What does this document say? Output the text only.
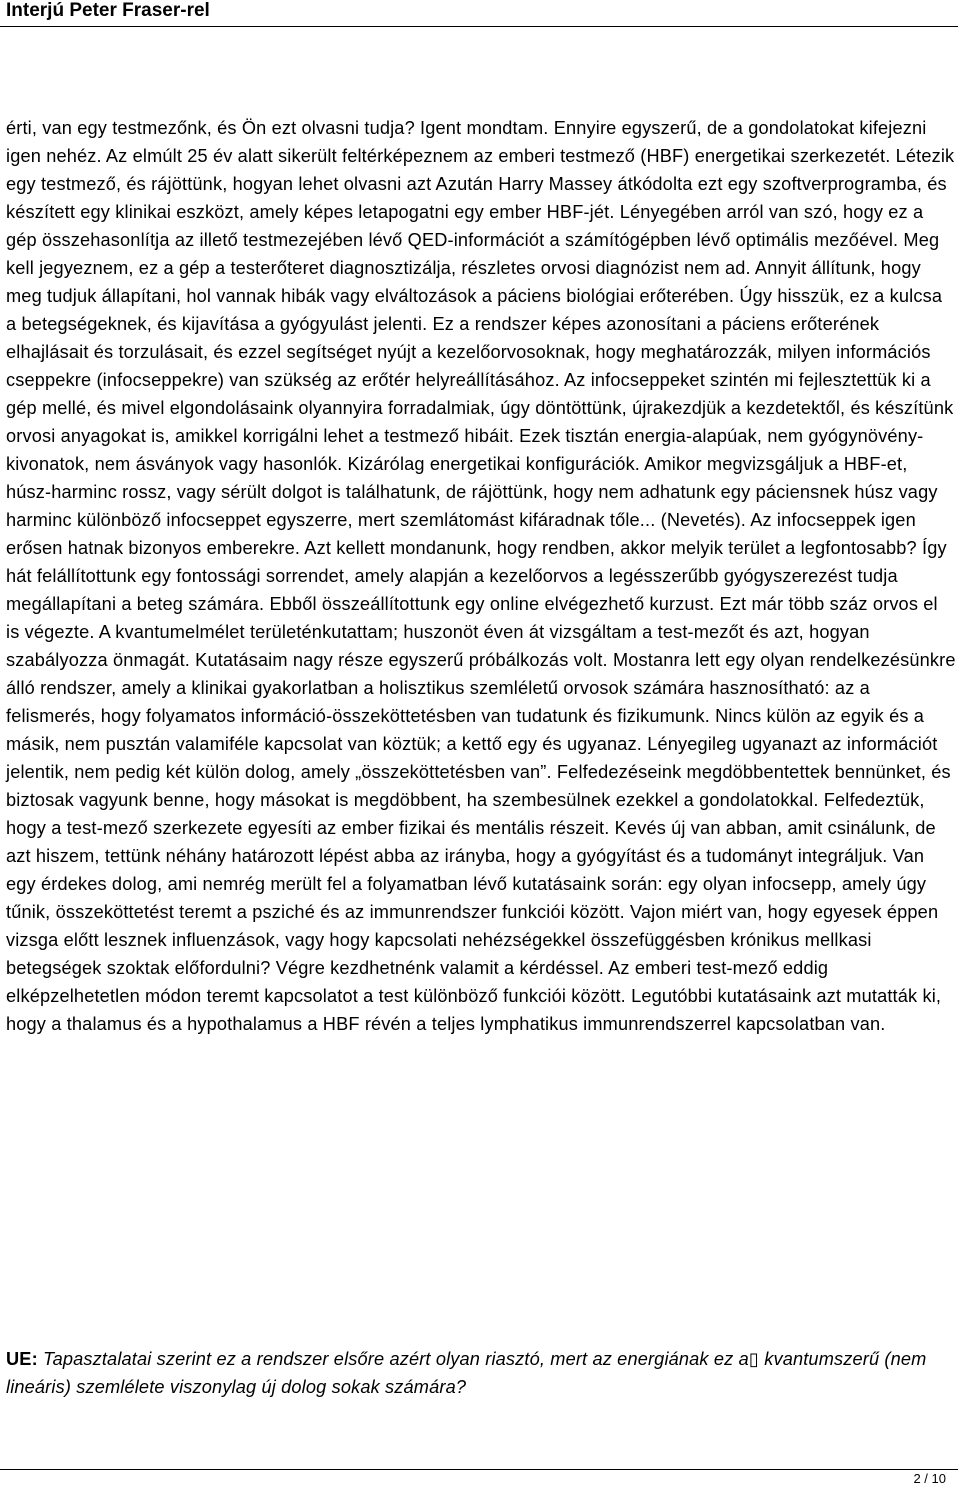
Interjú Peter Fraser-rel

érti, van egy testmezőnk, és Ön ezt olvasni tudja? Igent mondtam. Ennyire egyszerű, de a gondolatokat kifejezni igen nehéz. Az elmúlt 25 év alatt sikerült feltérképeznem az emberi testmező (HBF) energetikai szerkezetét. Létezik egy testmező, és rájöttünk, hogyan lehet olvasni azt Azután Harry Massey átkódolta ezt egy szoftverprogramba, és készített egy klinikai eszközt, amely képes letapogatni egy ember HBF-jét. Lényegében arról van szó, hogy ez a gép összehasonlítja az illető testmezejében lévő QED-információt a számítógépben lévő optimális mezőével. Meg kell jegyeznem, ez a gép a testerőteret diagnosztizálja, részletes orvosi diagnózist nem ad. Annyit állítunk, hogy meg tudjuk állapítani, hol vannak hibák vagy elváltozások a páciens biológiai erőterében. Úgy hisszük, ez a kulcsa a betegségeknek, és kijavítása a gyógyulást jelenti. Ez a rendszer képes azonosítani a páciens erőterének elhajlásait és torzulásait, és ezzel segítséget nyújt a kezelőorvosoknak, hogy meghatározzák, milyen információs cseppekre (infocseppekre) van szükség az erőtér helyreállításához. Az infocseppeket szintén mi fejlesztettük ki a gép mellé, és mivel elgondolásaink olyannyira forradalmiak, úgy döntöttünk, újrakezdjük a kezdetektől, és készítünk orvosi anyagokat is, amikkel korrigálni lehet a testmező hibáit. Ezek tisztán energia-alapúak, nem gyógynövény-kivonatok, nem ásványok vagy hasonlók. Kizárólag energetikai konfigurációk. Amikor megvizsgáljuk a HBF-et, húsz-harminc rossz, vagy sérült dolgot is találhatunk, de rájöttünk, hogy nem adhatunk egy páciensnek húsz vagy harminc különböző infocseppet egyszerre, mert szemlátomást kifáradnak tőle... (Nevetés). Az infocseppek igen erősen hatnak bizonyos emberekre. Azt kellett mondanunk, hogy rendben, akkor melyik terület a legfontosabb? Így hát felállítottunk egy fontossági sorrendet, amely alapján a kezelőorvos a legésszerűbb gyógyszerezést tudja megállapítani a beteg számára. Ebből összeállítottunk egy online elvégezhető kurzust. Ezt már több száz orvos el is végezte. A kvantumelmélet területénkutattam; huszonöt éven át vizsgáltam a test-mezőt és azt, hogyan szabályozza önmagát. Kutatásaim nagy része egyszerű próbálkozás volt. Mostanra lett egy olyan rendelkezésünkre álló rendszer, amely a klinikai gyakorlatban a holisztikus szemléletű orvosok számára hasznosítható: az a felismerés, hogy folyamatos információ-összeköttetésben van tudatunk és fizikumunk. Nincs külön az egyik és a másik, nem pusztán valamiféle kapcsolat van köztük; a kettő egy és ugyanaz. Lényegileg ugyanazt az információt jelentik, nem pedig két külön dolog, amely „összeköttetésben van”. Felfedezéseink megdöbbentettek bennünket, és biztosak vagyunk benne, hogy másokat is megdöbbent, ha szembesülnek ezekkel a gondolatokkal. Felfedeztük, hogy a test-mező szerkezete egyesíti az ember fizikai és mentális részeit. Kevés új van abban, amit csinálunk, de azt hiszem, tettünk néhány határozott lépést abba az irányba, hogy a gyógyítást és a tudományt integráljuk. Van egy érdekes dolog, ami nemrég merült fel a folyamatban lévő kutatásaink során: egy olyan infocsepp, amely úgy tűnik, összeköttetést teremt a psziché és az immunrendszer funkciói között. Vajon miért van, hogy egyesek éppen vizsga előtt lesznek influenzások, vagy hogy kapcsolati nehézségekkel összefüggésben krónikus mellkasi betegségek szoktak előfordulni? Végre kezdhetnénk valamit a kérdéssel. Az emberi test-mező eddig elképzelhetetlen módon teremt kapcsolatot a test különböző funkciói között. Legutóbbi kutatásaink azt mutatták ki, hogy a thalamus és a hypothalamus a HBF révén a teljes lymphatikus immunrendszerrel kapcsolatban van.

UE: Tapasztalatai szerint ez a rendszer elsőre azért olyan riasztó, mert az energiának ez a▯ kvantumszerű (nem lineáris) szemlélete viszonylag új dolog sokak számára?

2 / 10
